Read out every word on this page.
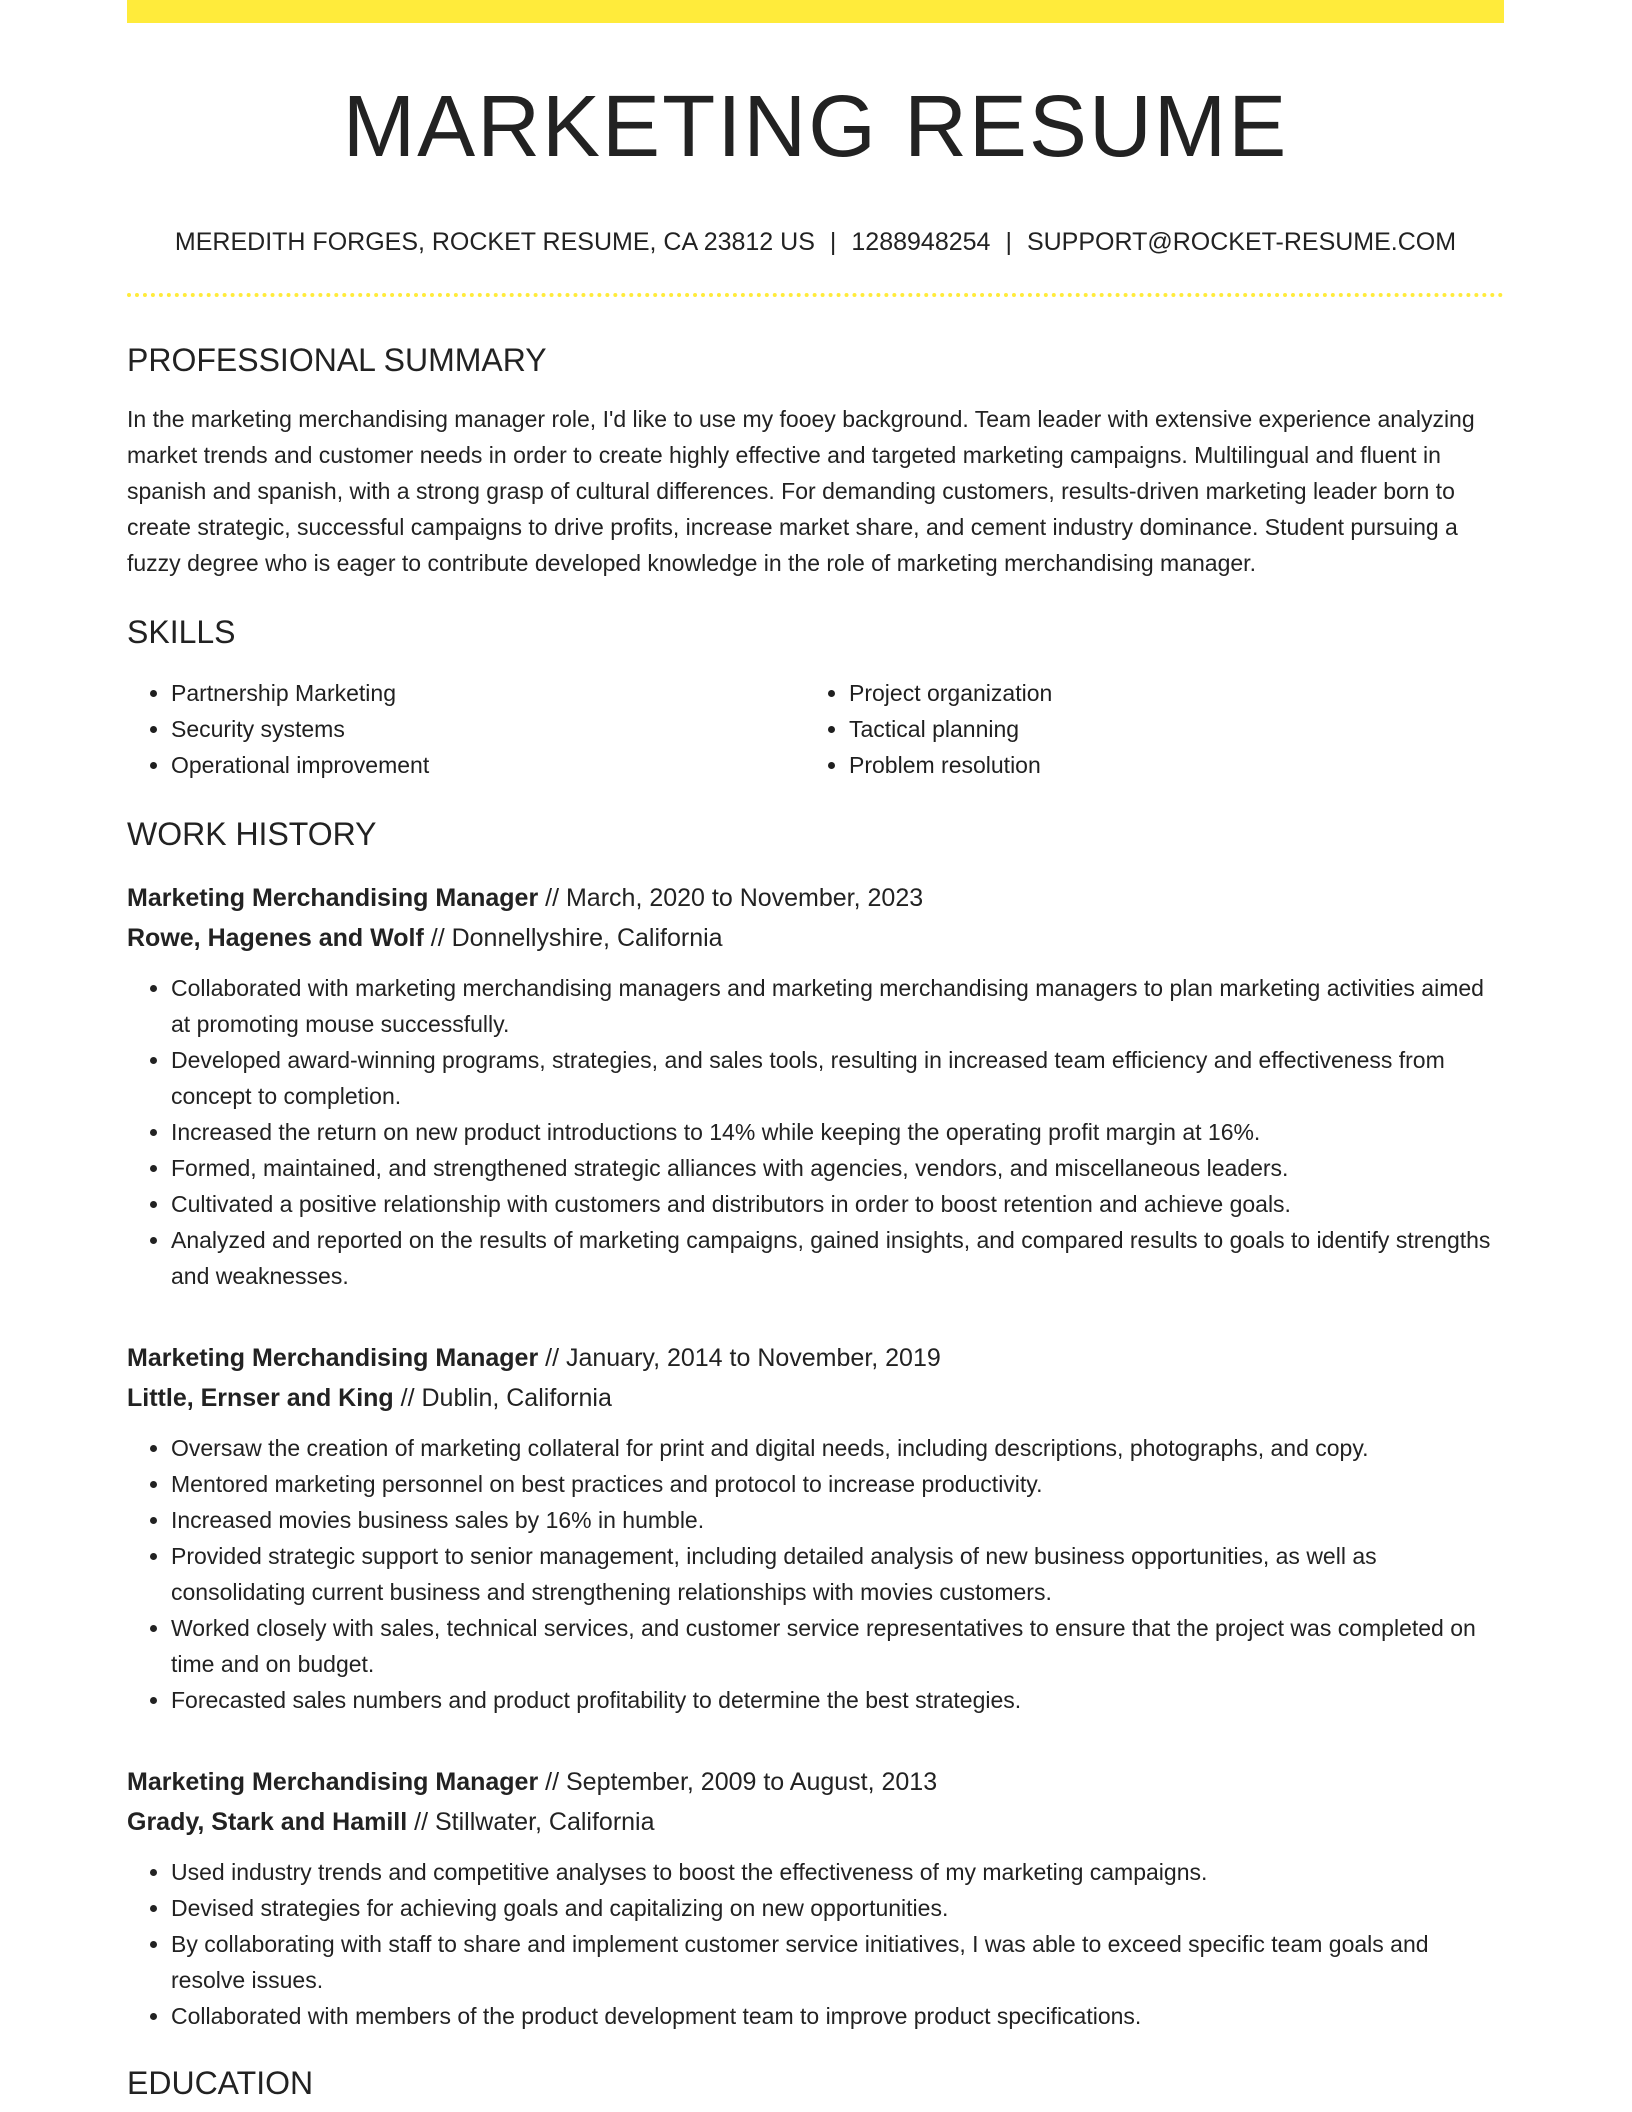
MARKETING RESUME
MEREDITH FORGES, ROCKET RESUME, CA 23812 US | 1288948254 | SUPPORT@ROCKET-RESUME.COM
PROFESSIONAL SUMMARY
In the marketing merchandising manager role, I'd like to use my fooey background. Team leader with extensive experience analyzing market trends and customer needs in order to create highly effective and targeted marketing campaigns. Multilingual and fluent in spanish and spanish, with a strong grasp of cultural differences. For demanding customers, results-driven marketing leader born to create strategic, successful campaigns to drive profits, increase market share, and cement industry dominance. Student pursuing a fuzzy degree who is eager to contribute developed knowledge in the role of marketing merchandising manager.
SKILLS
• Partnership Marketing
• Security systems
• Operational improvement
• Project organization
• Tactical planning
• Problem resolution
WORK HISTORY
Marketing Merchandising Manager // March, 2020 to November, 2023
Rowe, Hagenes and Wolf // Donnellyshire, California
• Collaborated with marketing merchandising managers and marketing merchandising managers to plan marketing activities aimed at promoting mouse successfully.
• Developed award-winning programs, strategies, and sales tools, resulting in increased team efficiency and effectiveness from concept to completion.
• Increased the return on new product introductions to 14% while keeping the operating profit margin at 16%.
• Formed, maintained, and strengthened strategic alliances with agencies, vendors, and miscellaneous leaders.
• Cultivated a positive relationship with customers and distributors in order to boost retention and achieve goals.
• Analyzed and reported on the results of marketing campaigns, gained insights, and compared results to goals to identify strengths and weaknesses.
Marketing Merchandising Manager // January, 2014 to November, 2019
Little, Ernser and King // Dublin, California
• Oversaw the creation of marketing collateral for print and digital needs, including descriptions, photographs, and copy.
• Mentored marketing personnel on best practices and protocol to increase productivity.
• Increased movies business sales by 16% in humble.
• Provided strategic support to senior management, including detailed analysis of new business opportunities, as well as consolidating current business and strengthening relationships with movies customers.
• Worked closely with sales, technical services, and customer service representatives to ensure that the project was completed on time and on budget.
• Forecasted sales numbers and product profitability to determine the best strategies.
Marketing Merchandising Manager // September, 2009 to August, 2013
Grady, Stark and Hamill // Stillwater, California
• Used industry trends and competitive analyses to boost the effectiveness of my marketing campaigns.
• Devised strategies for achieving goals and capitalizing on new opportunities.
• By collaborating with staff to share and implement customer service initiatives, I was able to exceed specific team goals and resolve issues.
• Collaborated with members of the product development team to improve product specifications.
EDUCATION
